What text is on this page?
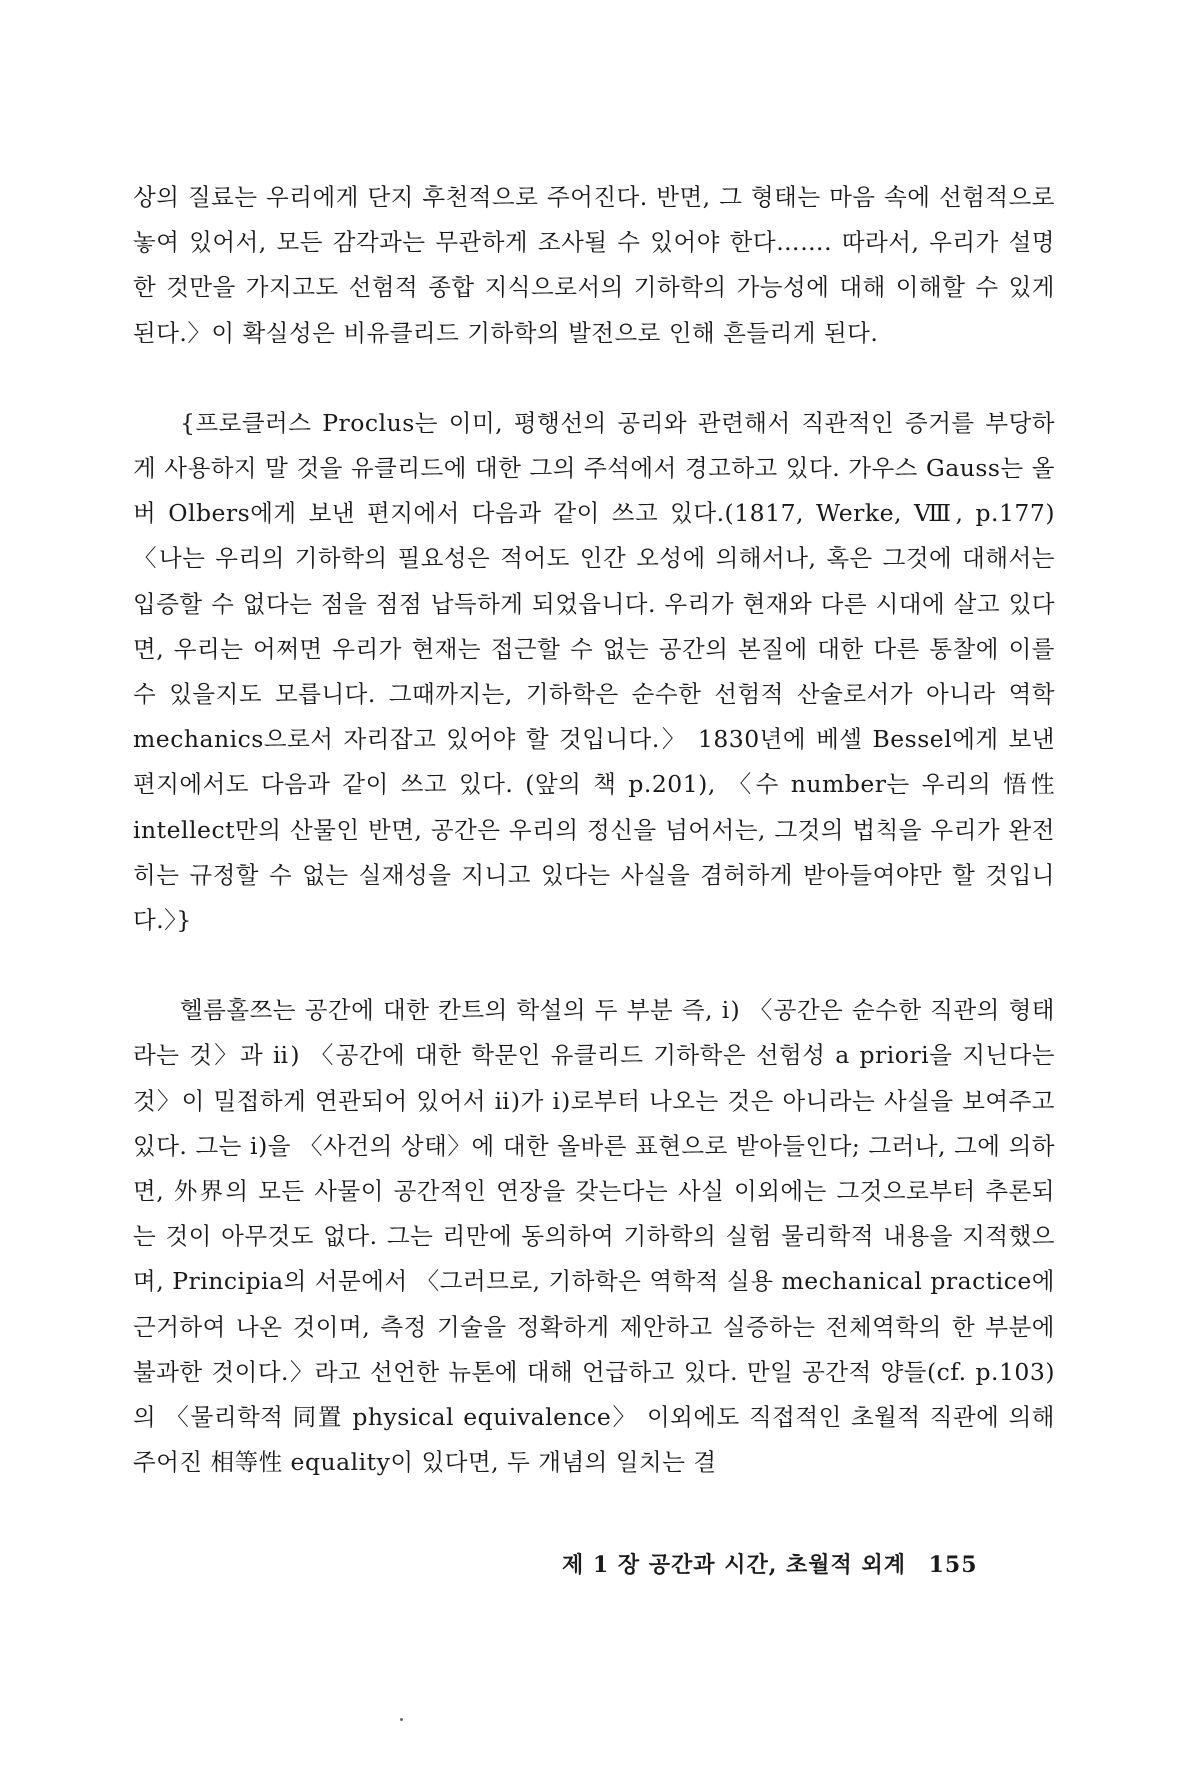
상의 질료는 우리에게 단지 후천적으로 주어진다. 반면, 그 형태는 마음 속에 선험적으로 놓여 있어서, 모든 감각과는 무관하게 조사될 수 있어야 한다……. 따라서, 우리가 설명한 것만을 가지고도 선험적 종합 지식으로서의 기하학의 가능성에 대해 이해할 수 있게 된다.〉이 확실성은 비유클리드 기하학의 발전으로 인해 흔들리게 된다.

{프로클러스 Proclus는 이미, 평행선의 공리와 관련해서 직관적인 증거를 부당하게 사용하지 말 것을 유클리드에 대한 그의 주석에서 경고하고 있다. 가우스 Gauss는 올버 Olbers에게 보낸 편지에서 다음과 같이 쓰고 있다.(1817, Werke, Ⅷ, p.177)〈나는 우리의 기하학의 필요성은 적어도 인간 오성에 의해서나, 혹은 그것에 대해서는 입증할 수 없다는 점을 점점 납득하게 되었읍니다. 우리가 현재와 다른 시대에 살고 있다면, 우리는 어쩌면 우리가 현재는 접근할 수 없는 공간의 본질에 대한 다른 통찰에 이를 수 있을지도 모릅니다. 그때까지는, 기하학은 순수한 선험적 산술로서가 아니라 역학 mechanics으로서 자리잡고 있어야 할 것입니다.〉 1830년에 베셀 Bessel에게 보낸 편지에서도 다음과 같이 쓰고 있다. (앞의 책 p.201), 〈수 number는 우리의 悟性 intellect만의 산물인 반면, 공간은 우리의 정신을 넘어서는, 그것의 법칙을 우리가 완전히는 규정할 수 없는 실재성을 지니고 있다는 사실을 겸허하게 받아들여야만 할 것입니다.〉}

헬름홀쯔는 공간에 대한 칸트의 학설의 두 부분 즉, ⅰ) 〈공간은 순수한 직관의 형태라는 것〉과 ⅱ) 〈공간에 대한 학문인 유클리드 기하학은 선험성 a priori을 지닌다는 것〉이 밀접하게 연관되어 있어서 ⅱ)가 ⅰ)로부터 나오는 것은 아니라는 사실을 보여주고 있다. 그는 ⅰ)을 〈사건의 상태〉에 대한 올바른 표현으로 받아들인다; 그러나, 그에 의하면, 外界의 모든 사물이 공간적인 연장을 갖는다는 사실 이외에는 그것으로부터 추론되는 것이 아무것도 없다. 그는 리만에 동의하여 기하학의 실험 물리학적 내용을 지적했으며, Principia의 서문에서 〈그러므로, 기하학은 역학적 실용 mechanical practice에 근거하여 나온 것이며, 측정 기술을 정확하게 제안하고 실증하는 전체역학의 한 부분에 불과한 것이다.〉라고 선언한 뉴톤에 대해 언급하고 있다. 만일 공간적 양들(cf. p.103)의 〈물리학적 同置 physical equivalence〉 이외에도 직접적인 초월적 직관에 의해 주어진 相等性 equality이 있다면, 두 개념의 일치는 결

제 1 장 공간과 시간, 초월적 외계 155
